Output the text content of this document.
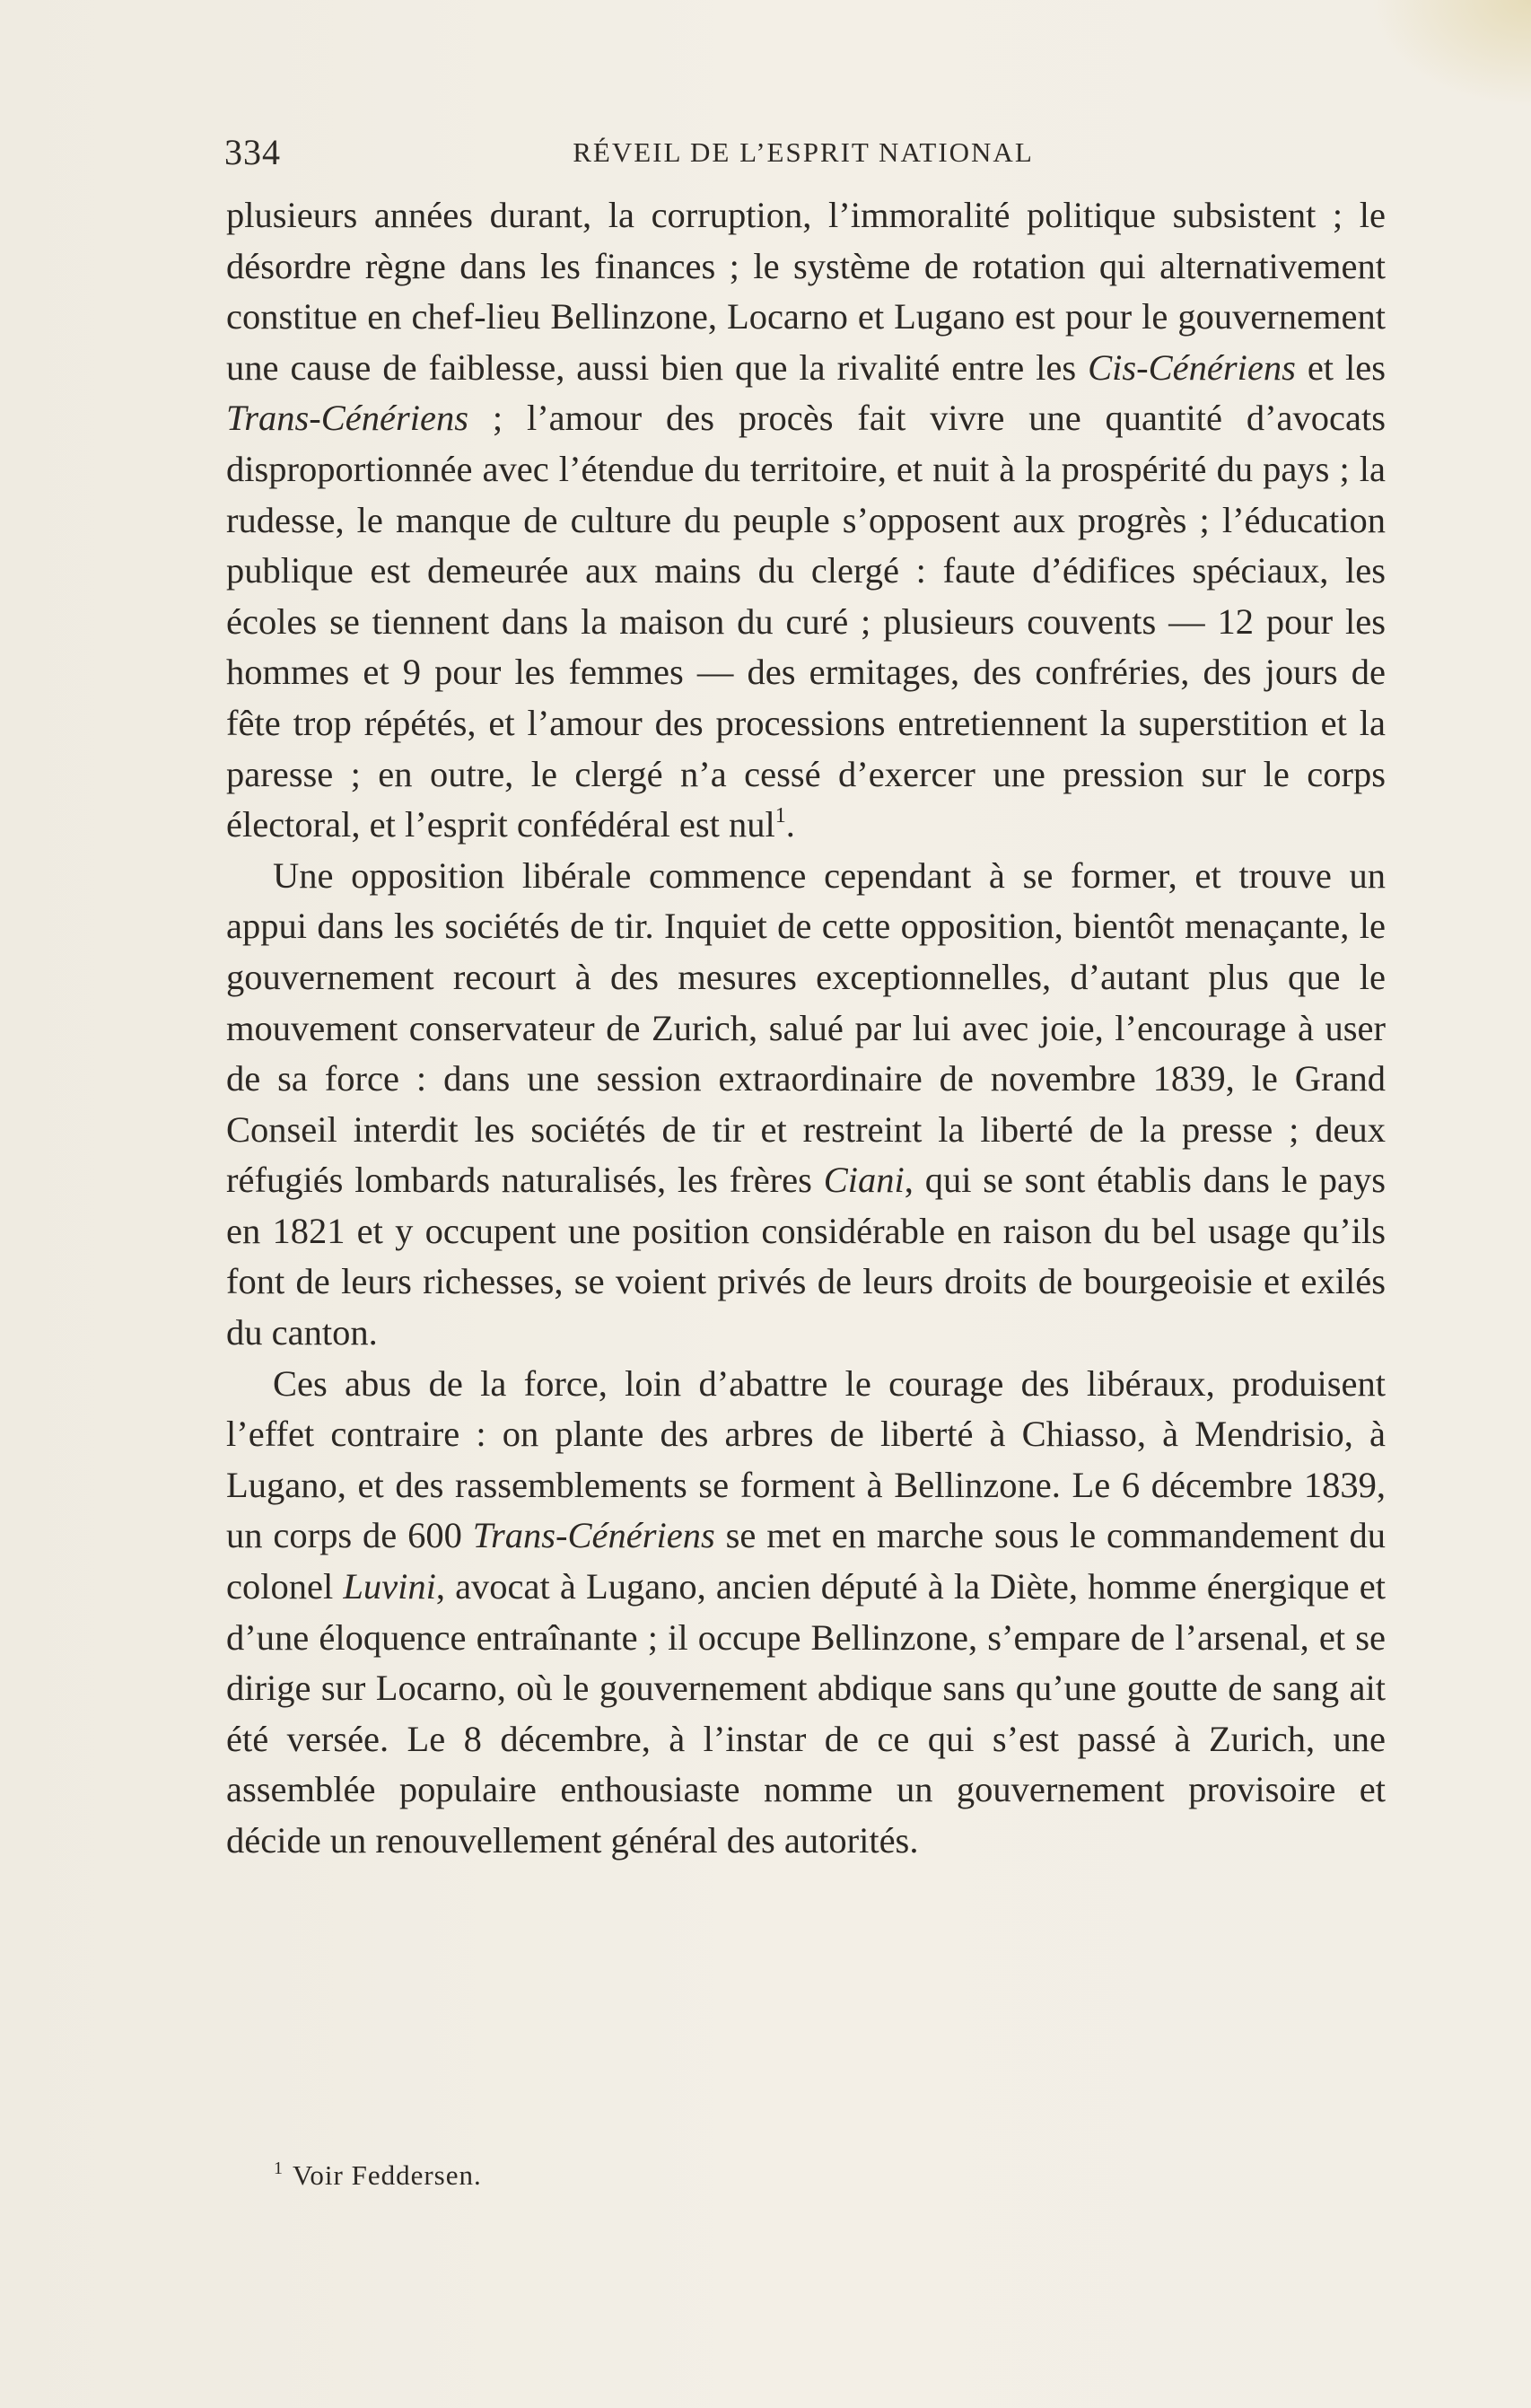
334	RÉVEIL DE L’ESPRIT NATIONAL

plusieurs années durant, la corruption, l’immoralité politique subsistent ; le désordre règne dans les finances ; le système de rotation qui alternativement constitue en chef-lieu Bellinzone, Locarno et Lugano est pour le gouvernement une cause de faiblesse, aussi bien que la rivalité entre les Cis-Cénériens et les Trans-Cénériens ; l’amour des procès fait vivre une quantité d’avocats disproportionnée avec l’étendue du territoire, et nuit à la prospérité du pays ; la rudesse, le manque de culture du peuple s’opposent aux progrès ; l’éducation publique est demeurée aux mains du clergé : faute d’édifices spéciaux, les écoles se tiennent dans la maison du curé ; plusieurs couvents — 12 pour les hommes et 9 pour les femmes — des ermitages, des confréries, des jours de fête trop répétés, et l’amour des processions entretiennent la superstition et la paresse ; en outre, le clergé n’a cessé d’exercer une pression sur le corps électoral, et l’esprit confédéral est nul$^1$.

Une opposition libérale commence cependant à se former, et trouve un appui dans les sociétés de tir. Inquiet de cette opposition, bientôt menaçante, le gouvernement recourt à des mesures exceptionnelles, d’autant plus que le mouvement conservateur de Zurich, salué par lui avec joie, l’encourage à user de sa force : dans une session extraordinaire de novembre 1839, le Grand Conseil interdit les sociétés de tir et restreint la liberté de la presse ; deux réfugiés lombards naturalisés, les frères Ciani, qui se sont établis dans le pays en 1821 et y occupent une position considérable en raison du bel usage qu’ils font de leurs richesses, se voient privés de leurs droits de bourgeoisie et exilés du canton.

Ces abus de la force, loin d’abattre le courage des libéraux, produisent l’effet contraire : on plante des arbres de liberté à Chiasso, à Mendrisio, à Lugano, et des rassemblements se forment à Bellinzone. Le 6 décembre 1839, un corps de 600 Trans-Cénériens se met en marche sous le commandement du colonel Luvini, avocat à Lugano, ancien député à la Diète, homme énergique et d’une éloquence entraînante ; il occupe Bellinzone, s’empare de l’arsenal, et se dirige sur Locarno, où le gouvernement abdique sans qu’une goutte de sang ait été versée. Le 8 décembre, à l’instar de ce qui s’est passé à Zurich, une assemblée populaire enthousiaste nomme un gouvernement provisoire et décide un renouvellement général des autorités.

$^1$ Voir Feddersen.
